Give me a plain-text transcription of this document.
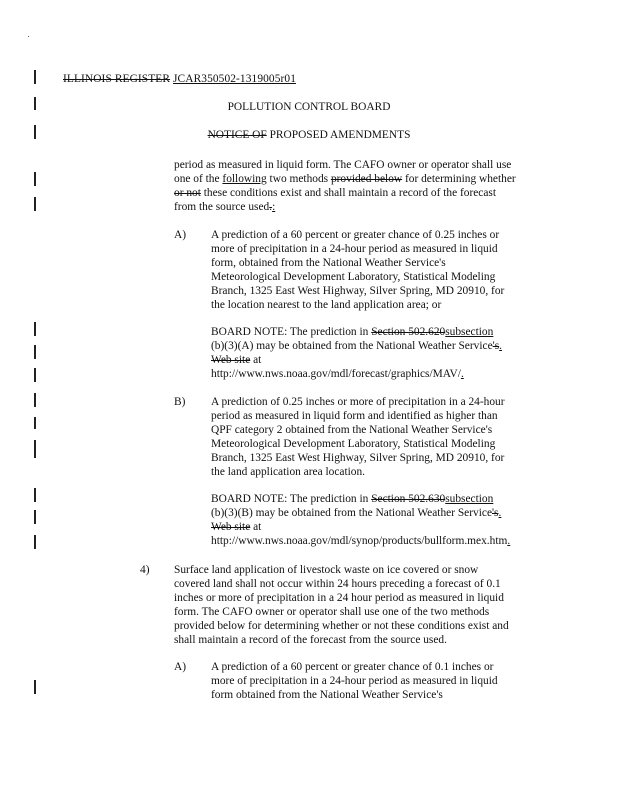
ILLINOIS REGISTER JCAR350502-1319005r01
POLLUTION CONTROL BOARD
NOTICE OF PROPOSED AMENDMENTS
period as measured in liquid form. The CAFO owner or operator shall use
one of the following two methods provided below for determining whether
or not these conditions exist and shall maintain a record of the forecast
from the source used.:
A) A prediction of a 60 percent or greater chance of 0.25 inches or
more of precipitation in a 24-hour period as measured in liquid
form, obtained from the National Weather Service's
Meteorological Development Laboratory, Statistical Modeling
Branch, 1325 East West Highway, Silver Spring, MD 20910, for
the location nearest to the land application area; or
BOARD NOTE: The prediction in Section 502.620subsection
(b)(3)(A) may be obtained from the National Weather Service's.
Web site at
http://www.nws.noaa.gov/mdl/forecast/graphics/MAV/.
B) A prediction of 0.25 inches or more of precipitation in a 24-hour
period as measured in liquid form and identified as higher than
QPF category 2 obtained from the National Weather Service's
Meteorological Development Laboratory, Statistical Modeling
Branch, 1325 East West Highway, Silver Spring, MD 20910, for
the land application area location.
BOARD NOTE: The prediction in Section 502.630subsection
(b)(3)(B) may be obtained from the National Weather Service's.
Web site at
http://www.nws.noaa.gov/mdl/synop/products/bullform.mex.htm.
4) Surface land application of livestock waste on ice covered or snow
covered land shall not occur within 24 hours preceding a forecast of 0.1
inches or more of precipitation in a 24 hour period as measured in liquid
form. The CAFO owner or operator shall use one of the two methods
provided below for determining whether or not these conditions exist and
shall maintain a record of the forecast from the source used.
A) A prediction of a 60 percent or greater chance of 0.1 inches or
more of precipitation in a 24-hour period as measured in liquid
form obtained from the National Weather Service's
